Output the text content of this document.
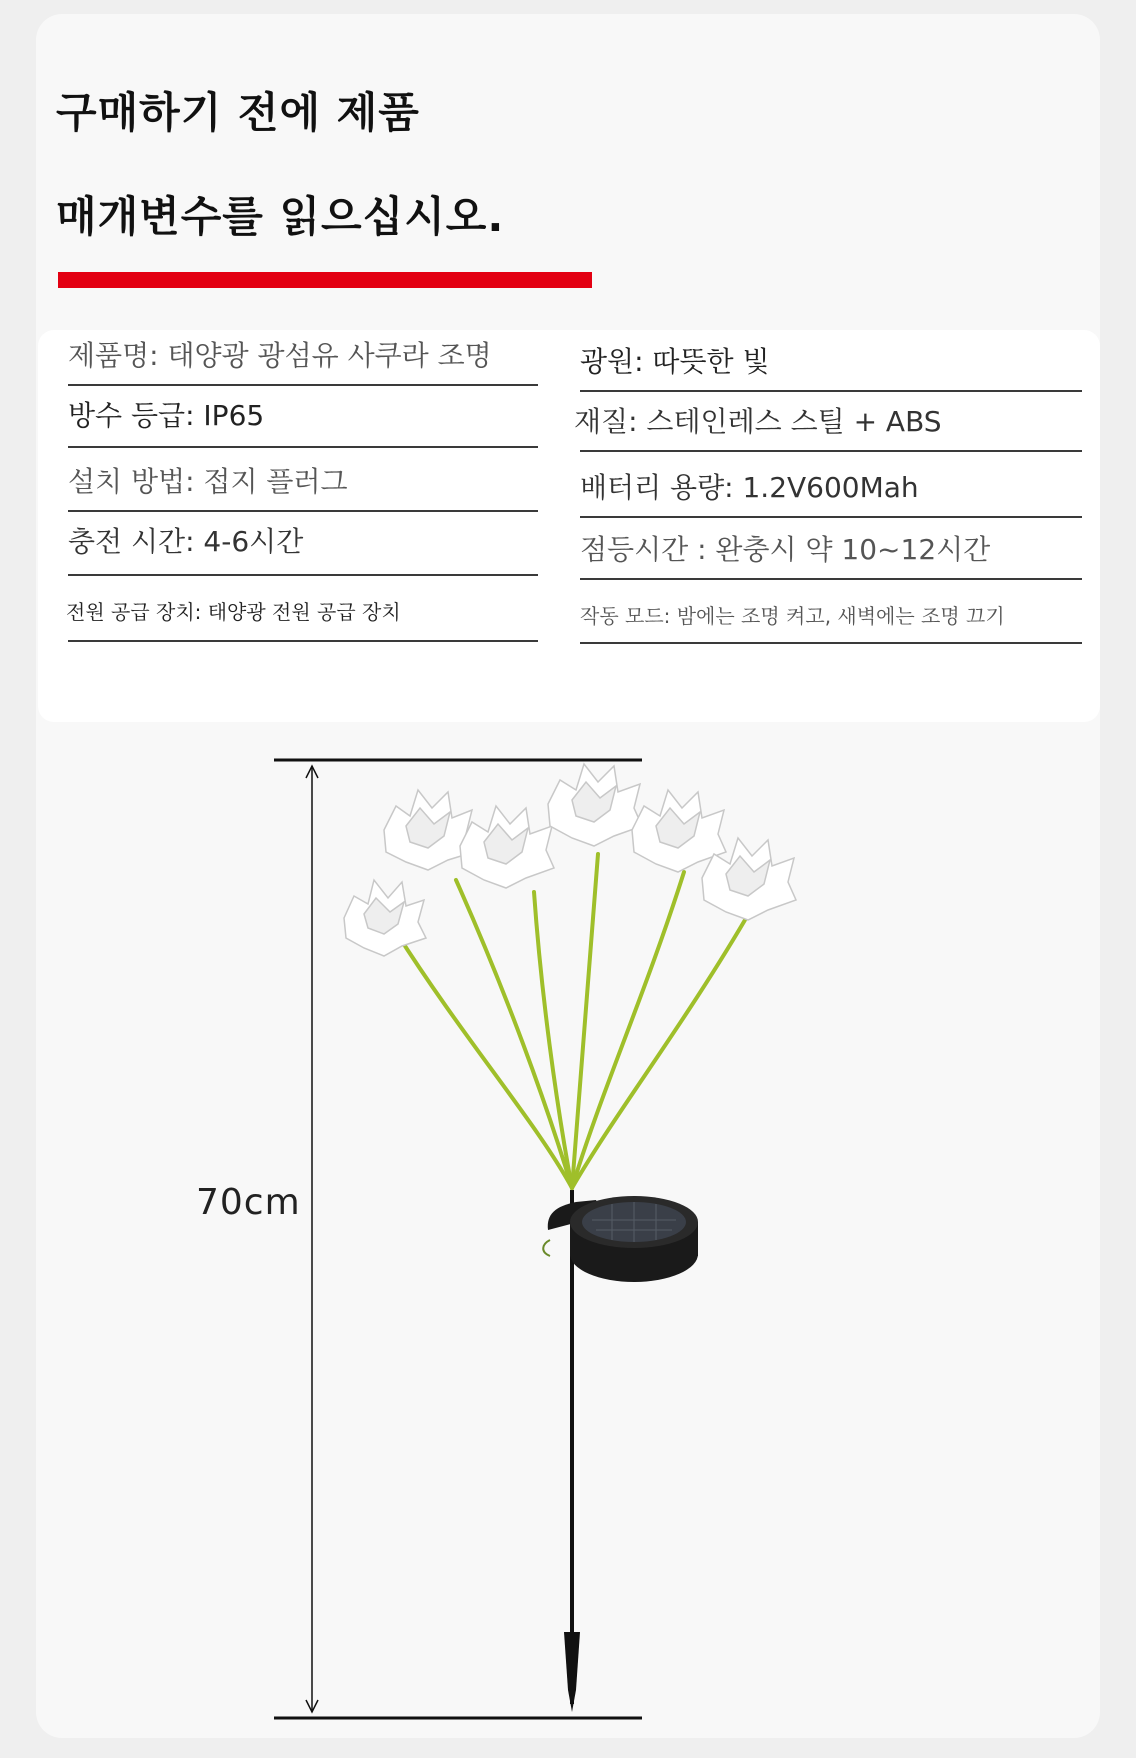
구매하기 전에 제품
매개변수를 읽으십시오.

제품명: 태양광 광섬유 사쿠라 조명

방수 등급: IP65

설치 방법: 접지 플러그

충전 시간: 4-6시간

전원 공급 장치: 태양광 전원 공급 장치

광원: 따뜻한 빛

재질: 스테인레스 스틸 + ABS

배터리 용량: 1.2V600Mah

점등시간 : 완충시 약 10~12시간

작동 모드: 밤에는 조명 켜고, 새벽에는 조명 끄기

70cm
